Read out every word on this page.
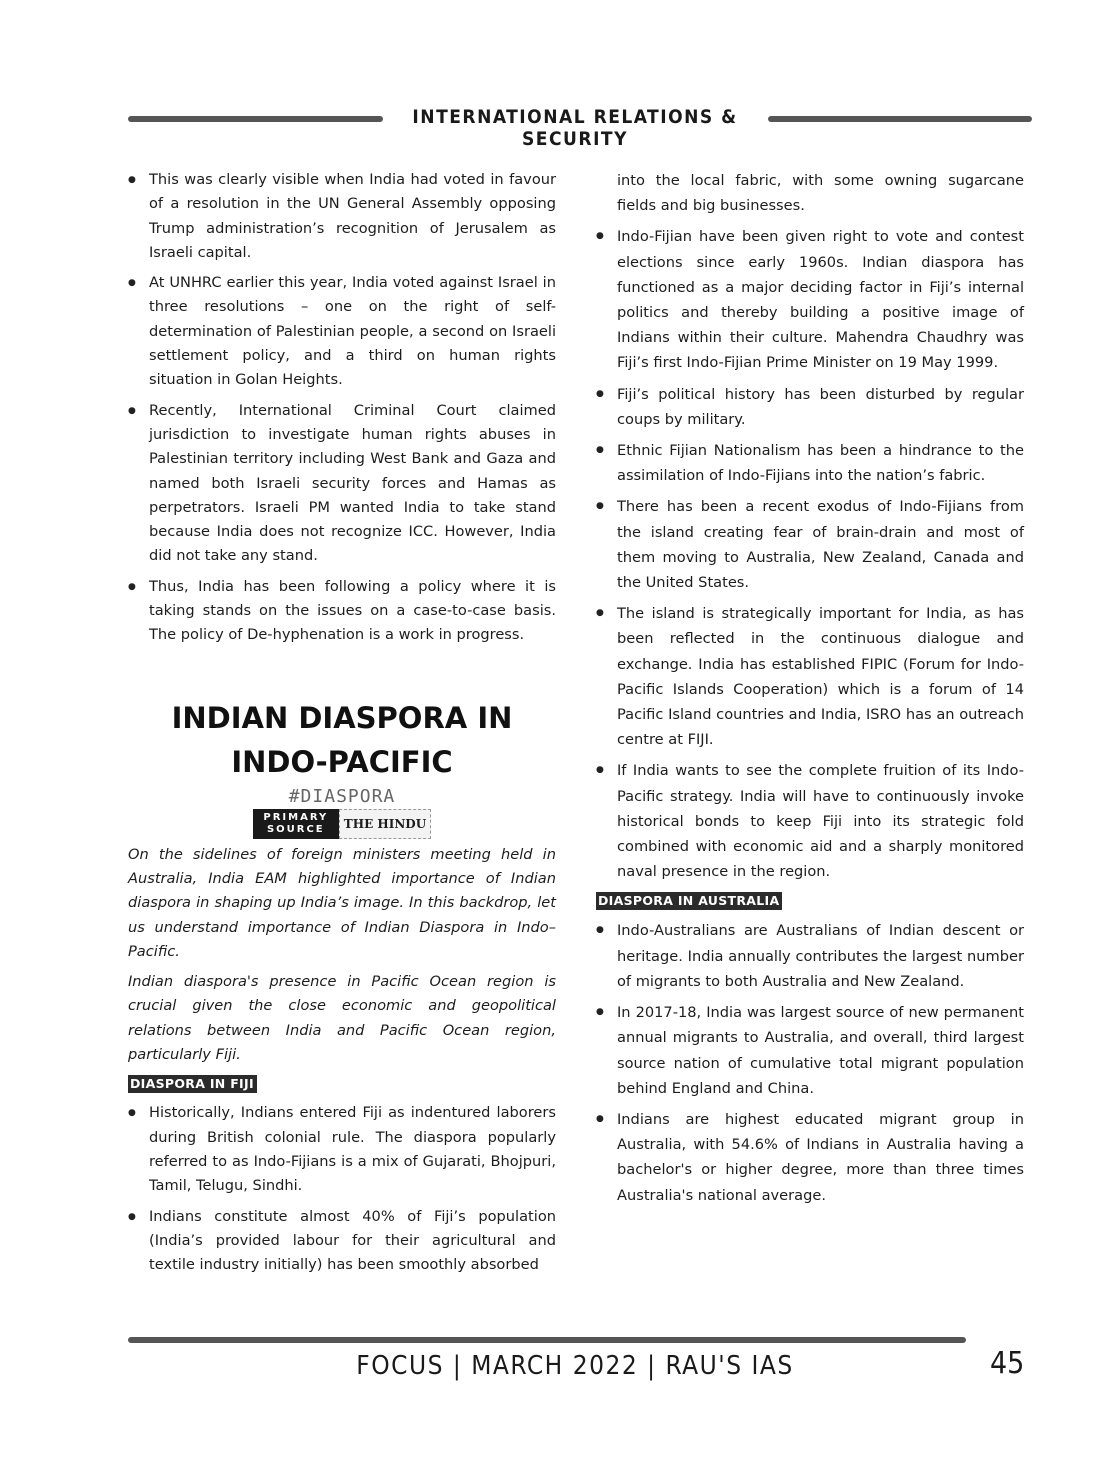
INTERNATIONAL RELATIONS & SECURITY
● This was clearly visible when India had voted in favour of a resolution in the UN General Assembly opposing Trump administration’s recognition of Jerusalem as Israeli capital.
● At UNHRC earlier this year, India voted against Israel in three resolutions – one on the right of self-determination of Palestinian people, a second on Israeli settlement policy, and a third on human rights situation in Golan Heights.
● Recently, International Criminal Court claimed jurisdiction to investigate human rights abuses in Palestinian territory including West Bank and Gaza and named both Israeli security forces and Hamas as perpetrators. Israeli PM wanted India to take stand because India does not recognize ICC. However, India did not take any stand.
● Thus, India has been following a policy where it is taking stands on the issues on a case-to-case basis. The policy of De-hyphenation is a work in progress.
INDIAN DIASPORA IN
INDO-PACIFIC
#DIASPORA
PRIMARY
SOURCE	THE HINDU

On the sidelines of foreign ministers meeting held in Australia, India EAM highlighted importance of Indian diaspora in shaping up India’s image. In this backdrop, let us understand importance of Indian Diaspora in Indo–Pacific.

Indian diaspora's presence in Pacific Ocean region is crucial given the close economic and geopolitical relations between India and Pacific Ocean region, particularly Fiji.

DIASPORA IN FIJI
● Historically, Indians entered Fiji as indentured laborers during British colonial rule. The diaspora popularly referred to as Indo-Fijians is a mix of Gujarati, Bhojpuri, Tamil, Telugu, Sindhi.
● Indians constitute almost 40% of Fiji’s population (India’s provided labour for their agricultural and textile industry initially) has been smoothly absorbed
into the local fabric, with some owning sugarcane fields and big businesses.
● Indo-Fijian have been given right to vote and contest elections since early 1960s. Indian diaspora has functioned as a major deciding factor in Fiji’s internal politics and thereby building a positive image of Indians within their culture. Mahendra Chaudhry was Fiji’s first Indo-Fijian Prime Minister on 19 May 1999.
● Fiji’s political history has been disturbed by regular coups by military.
● Ethnic Fijian Nationalism has been a hindrance to the assimilation of Indo-Fijians into the nation’s fabric.
● There has been a recent exodus of Indo-Fijians from the island creating fear of brain-drain and most of them moving to Australia, New Zealand, Canada and the United States.
● The island is strategically important for India, as has been reflected in the continuous dialogue and exchange. India has established FIPIC (Forum for Indo-Pacific Islands Cooperation) which is a forum of 14 Pacific Island countries and India, ISRO has an outreach centre at FIJI.
● If India wants to see the complete fruition of its Indo-Pacific strategy. India will have to continuously invoke historical bonds to keep Fiji into its strategic fold combined with economic aid and a sharply monitored naval presence in the region.
DIASPORA IN AUSTRALIA
● Indo-Australians are Australians of Indian descent or heritage. India annually contributes the largest number of migrants to both Australia and New Zealand.
● In 2017-18, India was largest source of new permanent annual migrants to Australia, and overall, third largest source nation of cumulative total migrant population behind England and China.
● Indians are highest educated migrant group in Australia, with 54.6% of Indians in Australia having a bachelor's or higher degree, more than three times Australia's national average.
FOCUS | MARCH 2022 | RAU'S IAS	45
